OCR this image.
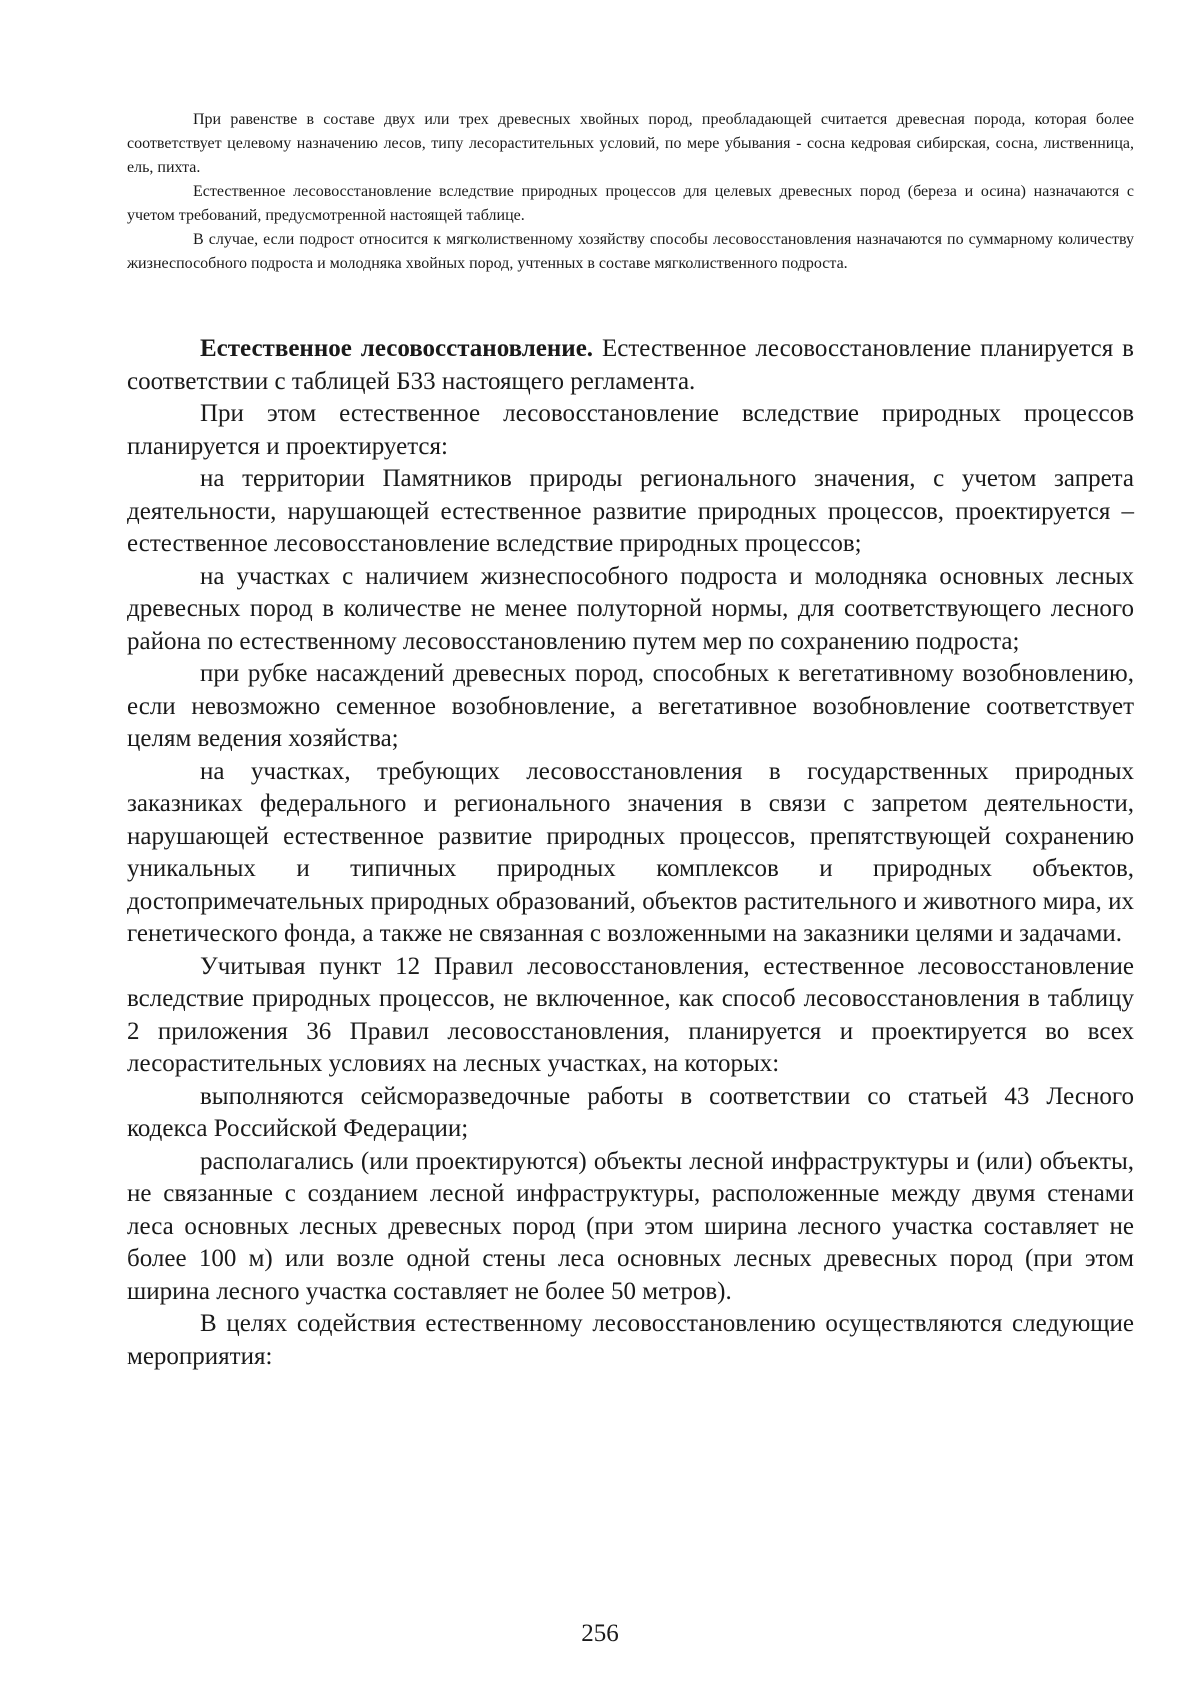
При равенстве в составе двух или трех древесных хвойных пород, преобладающей считается древесная порода, которая более соответствует целевому назначению лесов, типу лесорастительных условий, по мере убывания - сосна кедровая сибирская, сосна, лиственница, ель, пихта.

Естественное лесовосстановление вследствие природных процессов для целевых древесных пород (береза и осина) назначаются с учетом требований, предусмотренной настоящей таблице.

В случае, если подрост относится к мягколиственному хозяйству способы лесовосстановления назначаются по суммарному количеству жизнеспособного подроста и молодняка хвойных пород, учтенных в составе мягколиственного подроста.

Естественное лесовосстановление. Естественное лесовосстановление планируется в соответствии с таблицей Б33 настоящего регламента.

При этом естественное лесовосстановление вследствие природных процессов планируется и проектируется:

на территории Памятников природы регионального значения, с учетом запрета деятельности, нарушающей естественное развитие природных процессов, проектируется – естественное лесовосстановление вследствие природных процессов;

на участках с наличием жизнеспособного подроста и молодняка основных лесных древесных пород в количестве не менее полуторной нормы, для соответствующего лесного района по естественному лесовосстановлению путем мер по сохранению подроста;

при рубке насаждений древесных пород, способных к вегетативному возобновлению, если невозможно семенное возобновление, а вегетативное возобновление соответствует целям ведения хозяйства;

на участках, требующих лесовосстановления в государственных природных заказниках федерального и регионального значения в связи с запретом деятельности, нарушающей естественное развитие природных процессов, препятствующей сохранению уникальных и типичных природных комплексов и природных объектов, достопримечательных природных образований, объектов растительного и животного мира, их генетического фонда, а также не связанная с возложенными на заказники целями и задачами.

Учитывая пункт 12 Правил лесовосстановления, естественное лесовосстановление вследствие природных процессов, не включенное, как способ лесовосстановления в таблицу 2 приложения 36 Правил лесовосстановления, планируется и проектируется во всех лесорастительных условиях на лесных участках, на которых:

выполняются сейсморазведочные работы в соответствии со статьей 43 Лесного кодекса Российской Федерации;

располагались (или проектируются) объекты лесной инфраструктуры и (или) объекты, не связанные с созданием лесной инфраструктуры, расположенные между двумя стенами леса основных лесных древесных пород (при этом ширина лесного участка составляет не более 100 м) или возле одной стены леса основных лесных древесных пород (при этом ширина лесного участка составляет не более 50 метров).

В целях содействия естественному лесовосстановлению осуществляются следующие мероприятия:

256
